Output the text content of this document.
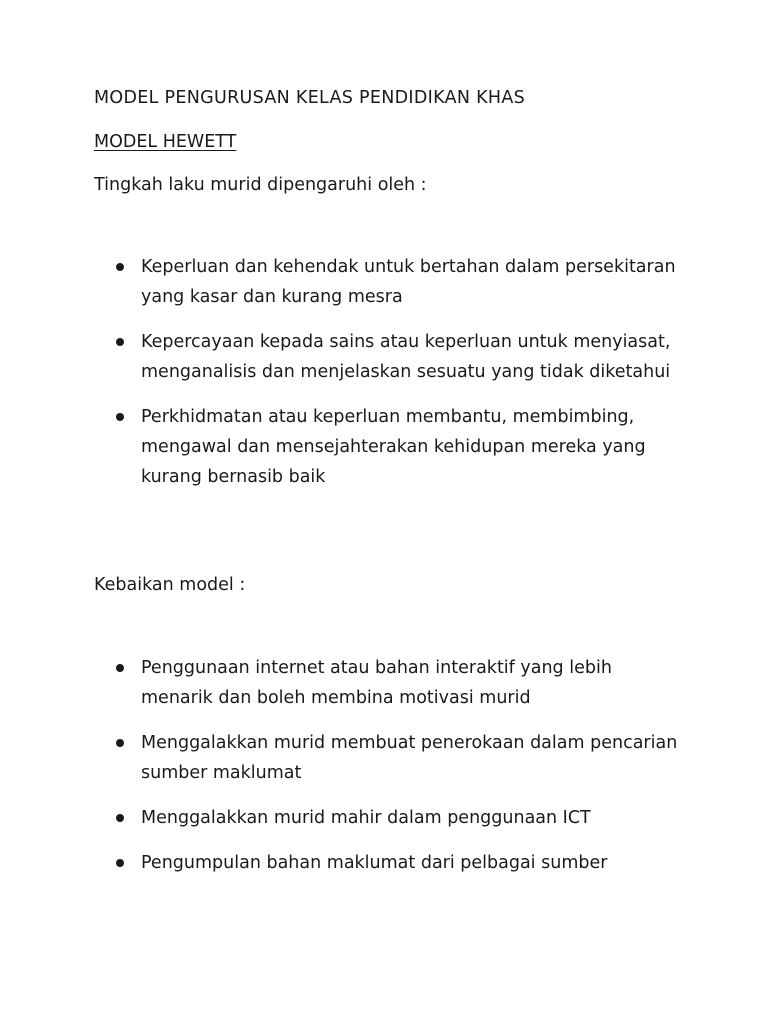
MODEL PENGURUSAN KELAS PENDIDIKAN KHAS

MODEL HEWETT

Tingkah laku murid dipengaruhi oleh :

Keperluan dan kehendak untuk bertahan dalam persekitaran yang kasar dan kurang mesra
Kepercayaan kepada sains atau keperluan untuk menyiasat, menganalisis dan menjelaskan sesuatu yang tidak diketahui
Perkhidmatan atau keperluan membantu, membimbing, mengawal dan mensejahterakan kehidupan mereka yang kurang bernasib baik

Kebaikan model :

Penggunaan internet atau bahan interaktif yang lebih menarik dan boleh membina motivasi murid
Menggalakkan murid membuat penerokaan dalam pencarian sumber maklumat
Menggalakkan murid mahir dalam penggunaan ICT
Pengumpulan bahan maklumat dari pelbagai sumber
